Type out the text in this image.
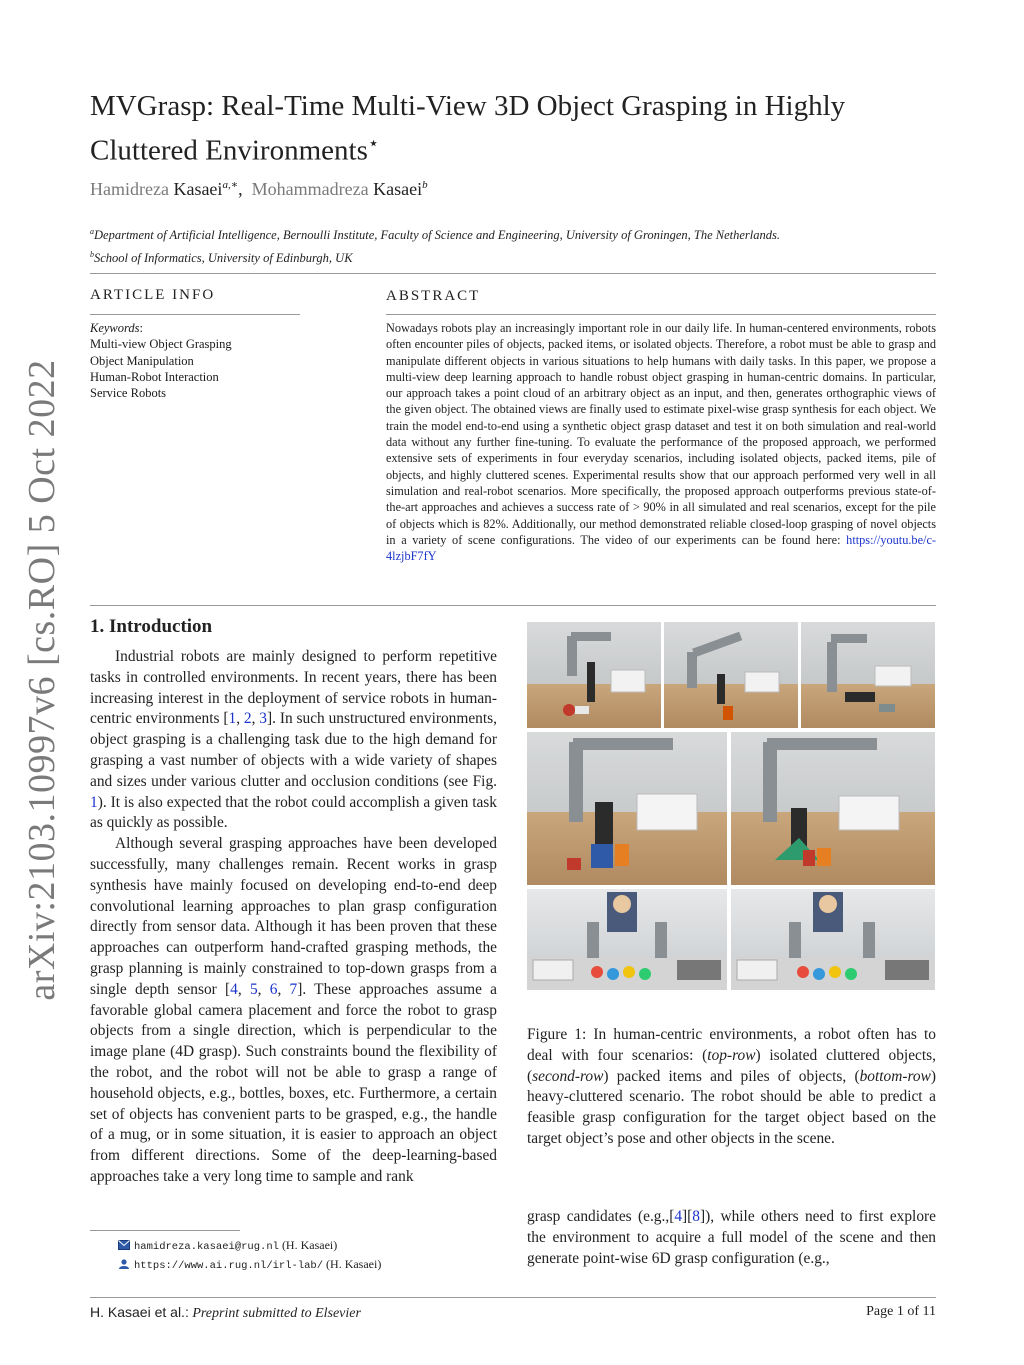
arXiv:2103.10997v6 [cs.RO] 5 Oct 2022
MVGrasp: Real-Time Multi-View 3D Object Grasping in Highly
Cluttered Environments⋆
Hamidreza Kasaei$^{a,∗}$, Mohammadreza Kasaei$^b$
$^a$Department of Artificial Intelligence, Bernoulli Institute, Faculty of Science and Engineering, University of Groningen, The Netherlands.
$^b$School of Informatics, University of Edinburgh, UK
ARTICLE INFO
Keywords:
Multi-view Object Grasping
Object Manipulation
Human-Robot Interaction
Service Robots
ABSTRACT
Nowadays robots play an increasingly important role in our daily life. In human-centered environments, robots often encounter piles of objects, packed items, or isolated objects. Therefore, a robot must be able to grasp and manipulate different objects in various situations to help humans with daily tasks. In this paper, we propose a multi-view deep learning approach to handle robust object grasping in human-centric domains. In particular, our approach takes a point cloud of an arbitrary object as an input, and then, generates orthographic views of the given object. The obtained views are finally used to estimate pixel-wise grasp synthesis for each object. We train the model end-to-end using a synthetic object grasp dataset and test it on both simulation and real-world data without any further fine-tuning. To evaluate the performance of the proposed approach, we performed extensive sets of experiments in four everyday scenarios, including isolated objects, packed items, pile of objects, and highly cluttered scenes. Experimental results show that our approach performed very well in all simulation and real-robot scenarios. More specifically, the proposed approach outperforms previous state-of-the-art approaches and achieves a success rate of > 90% in all simulated and real scenarios, except for the pile of objects which is 82%. Additionally, our method demonstrated reliable closed-loop grasping of novel objects in a variety of scene configurations. The video of our experiments can be found here: https://youtu.be/c-4lzjbF7fY
1. Introduction

Industrial robots are mainly designed to perform repetitive tasks in controlled environments. In recent years, there has been increasing interest in the deployment of service robots in human-centric environments [1, 2, 3]. In such unstructured environments, object grasping is a challenging task due to the high demand for grasping a vast number of objects with a wide variety of shapes and sizes under various clutter and occlusion conditions (see Fig. 1). It is also expected that the robot could accomplish a given task as quickly as possible.

Although several grasping approaches have been developed successfully, many challenges remain. Recent works in grasp synthesis have mainly focused on developing end-to-end deep convolutional learning approaches to plan grasp configuration directly from sensor data. Although it has been proven that these approaches can outperform hand-crafted grasping methods, the grasp planning is mainly constrained to top-down grasps from a single depth sensor [4, 5, 6, 7]. These approaches assume a favorable global camera placement and force the robot to grasp objects from a single direction, which is perpendicular to the image plane (4D grasp). Such constraints bound the flexibility of the robot, and the robot will not be able to grasp a range of household objects, e.g., bottles, boxes, etc. Furthermore, a certain set of objects has convenient parts to be grasped, e.g., the handle of a mug, or in some situation, it is easier to approach an object from different directions. Some of the deep-learning-based approaches take a very long time to sample and rank

Figure 1: In human-centric environments, a robot often has to deal with four scenarios: (top-row) isolated cluttered objects, (second-row) packed items and piles of objects, (bottom-row) heavy-cluttered scenario. The robot should be able to predict a feasible grasp configuration for the target object based on the target object’s pose and other objects in the scene.
grasp candidates (e.g.,[4][8]), while others need to first explore the environment to acquire a full model of the scene and then generate point-wise 6D grasp configuration (e.g.,
hamidreza.kasaei@rug.nl (H. Kasaei)
https://www.ai.rug.nl/irl-lab/ (H. Kasaei)
H. Kasaei et al.: Preprint submitted to Elsevier	Page 1 of 11
